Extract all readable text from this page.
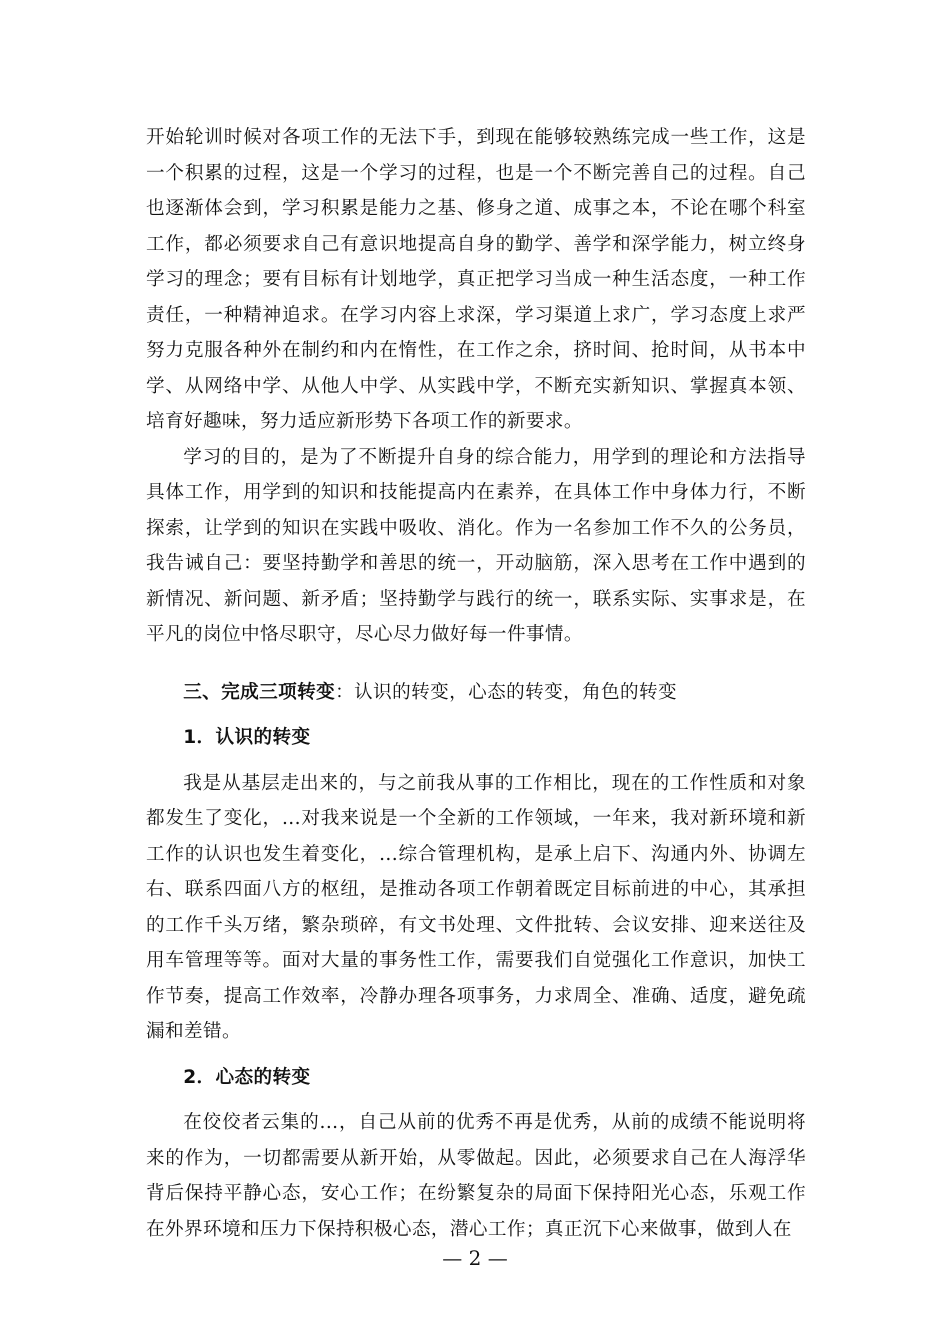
开始轮训时候对各项工作的无法下手，到现在能够较熟练完成一些工作，这是一个积累的过程，这是一个学习的过程，也是一个不断完善自己的过程。自己也逐渐体会到，学习积累是能力之基、修身之道、成事之本，不论在哪个科室工作，都必须要求自己有意识地提高自身的勤学、善学和深学能力，树立终身学习的理念；要有目标有计划地学，真正把学习当成一种生活态度，一种工作责任，一种精神追求。在学习内容上求深，学习渠道上求广，学习态度上求严努力克服各种外在制约和内在惰性，在工作之余，挤时间、抢时间，从书本中学、从网络中学、从他人中学、从实践中学，不断充实新知识、掌握真本领、培育好趣味，努力适应新形势下各项工作的新要求。

学习的目的，是为了不断提升自身的综合能力，用学到的理论和方法指导具体工作，用学到的知识和技能提高内在素养，在具体工作中身体力行，不断探索，让学到的知识在实践中吸收、消化。作为一名参加工作不久的公务员，我告诫自己：要坚持勤学和善思的统一，开动脑筋，深入思考在工作中遇到的新情况、新问题、新矛盾；坚持勤学与践行的统一，联系实际、实事求是，在平凡的岗位中恪尽职守，尽心尽力做好每一件事情。

三、完成三项转变：认识的转变，心态的转变，角色的转变

1．认识的转变

我是从基层走出来的，与之前我从事的工作相比，现在的工作性质和对象都发生了变化，...对我来说是一个全新的工作领域，一年来，我对新环境和新工作的认识也发生着变化，...综合管理机构，是承上启下、沟通内外、协调左右、联系四面八方的枢纽，是推动各项工作朝着既定目标前进的中心，其承担的工作千头万绪，繁杂琐碎，有文书处理、文件批转、会议安排、迎来送往及用车管理等等。面对大量的事务性工作，需要我们自觉强化工作意识，加快工作节奏，提高工作效率，冷静办理各项事务，力求周全、准确、适度，避免疏漏和差错。

2．心态的转变

在佼佼者云集的...，自己从前的优秀不再是优秀，从前的成绩不能说明将来的作为，一切都需要从新开始，从零做起。因此，必须要求自己在人海浮华背后保持平静心态，安心工作；在纷繁复杂的局面下保持阳光心态，乐观工作在外界环境和压力下保持积极心态，潜心工作；真正沉下心来做事，做到人在

— 2 —
